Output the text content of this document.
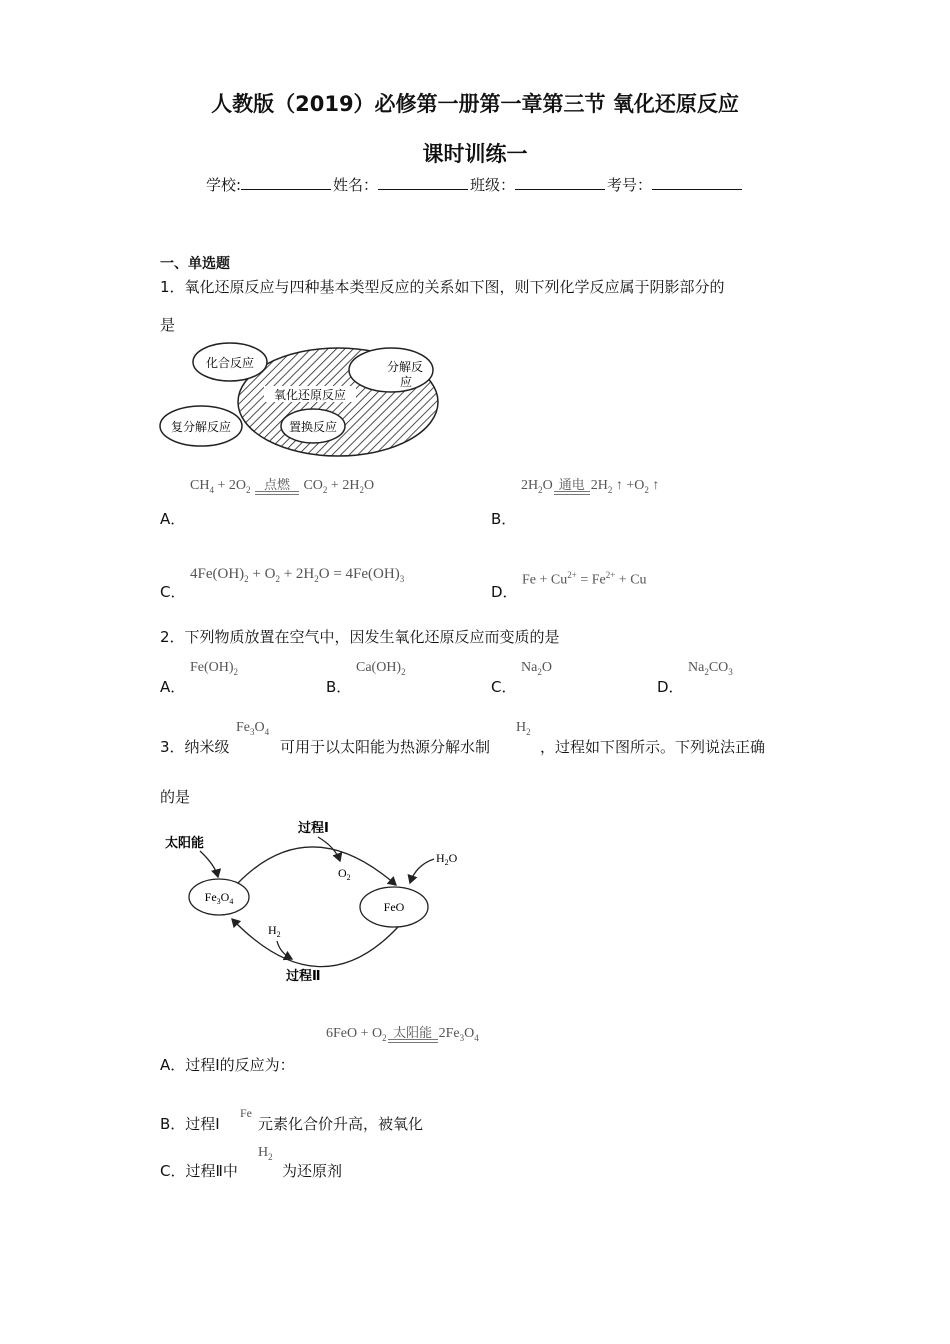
人教版（2019）必修第一册第一章第三节 氧化还原反应
课时训练一
学校:	姓名：	班级：	考号：
一、单选题
1．氧化还原反应与四种基本类型反应的关系如下图，则下列化学反应属于阴影部分的
是
化合反应	分解反
应
氧化还原反应
复分解反应	置换反应
A．
$CH_4 + 2O_2$	点燃 $CO_2 + 2H_2O$
B．
$2H_2O$ 通电 $2H_2$ ↑ $+O_2$ ↑
C．
$4Fe(OH)_2 + O_2 + 2H_2O = 4Fe(OH)_3$
D．
$Fe + Cu^{2+} = Fe^{2+} + Cu$
2．下列物质放置在空气中，因发生氧化还原反应而变质的是
A．
$Fe(OH)_2$
B．
$Ca(OH)_2$
C．
$Na_2O$
D．
$Na_2CO_3$
3．纳米级
$Fe_3O_4$
可用于以太阳能为热源分解水制
$H_2$
，过程如下图所示。下列说法正确
的是
太阳能
$Fe_3O_4$	FeO
过程Ⅰ
$O_2$
$H_2O$
$H_2$
过程Ⅱ
A．过程Ⅰ的反应为：
$6FeO + O_2$ 太阳能 $2Fe_3O_4$
B．过程Ⅰ
Fe
元素化合价升高，被氧化
C．过程Ⅱ中
$H_2$
为还原剂
